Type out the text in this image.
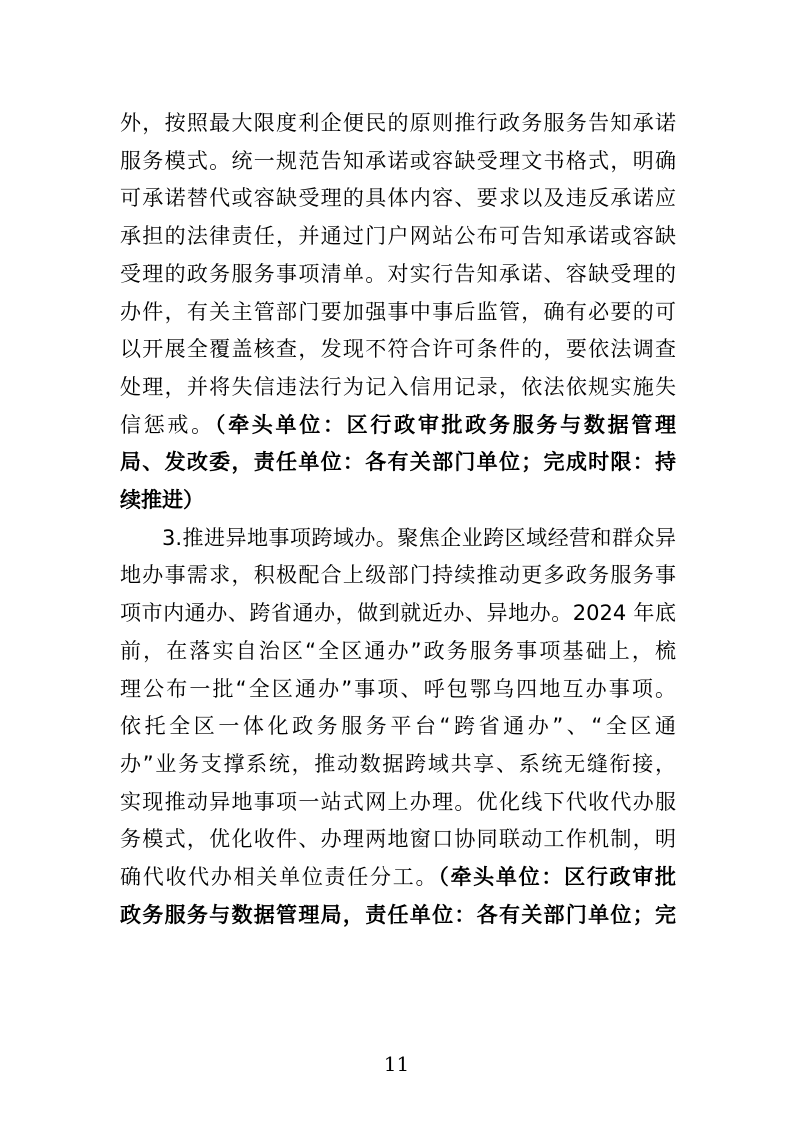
外，按照最大限度利企便民的原则推行政务服务告知承诺
服务模式。统一规范告知承诺或容缺受理文书格式，明确
可承诺替代或容缺受理的具体内容、要求以及违反承诺应
承担的法律责任，并通过门户网站公布可告知承诺或容缺
受理的政务服务事项清单。对实行告知承诺、容缺受理的
办件，有关主管部门要加强事中事后监管，确有必要的可
以开展全覆盖核查，发现不符合许可条件的，要依法调查
处理，并将失信违法行为记入信用记录，依法依规实施失
信惩戒。（牵头单位：区行政审批政务服务与数据管理
局、发改委，责任单位：各有关部门单位；完成时限：持
续推进）
3.推进异地事项跨域办。聚焦企业跨区域经营和群众异
地办事需求，积极配合上级部门持续推动更多政务服务事
项市内通办、跨省通办，做到就近办、异地办。2024 年底
前，在落实自治区“全区通办”政务服务事项基础上，梳
理公布一批“全区通办”事项、呼包鄂乌四地互办事项。
依托全区一体化政务服务平台“跨省通办”、“全区通
办”业务支撑系统，推动数据跨域共享、系统无缝衔接，
实现推动异地事项一站式网上办理。优化线下代收代办服
务模式，优化收件、办理两地窗口协同联动工作机制，明
确代收代办相关单位责任分工。（牵头单位：区行政审批
政务服务与数据管理局，责任单位：各有关部门单位；完
11
